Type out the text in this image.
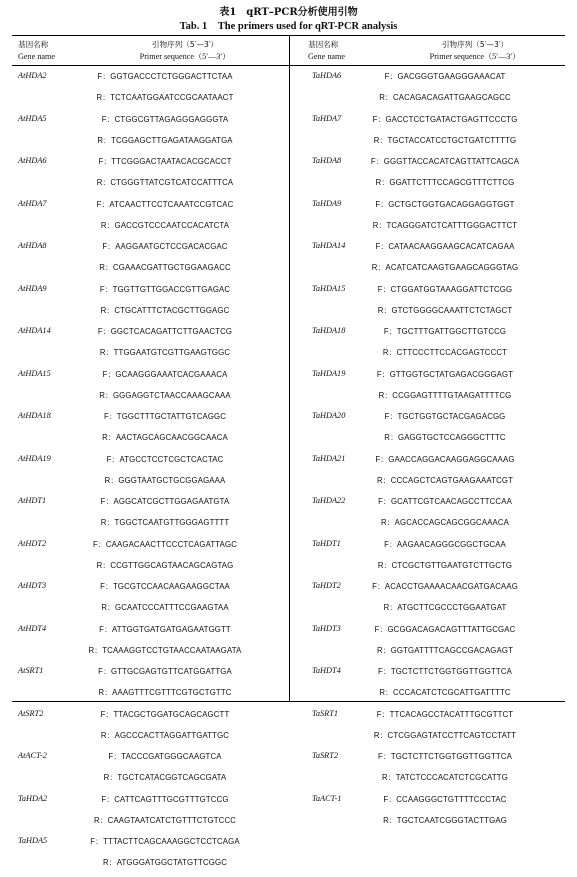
表1　qRT–PCR分析使用引物
Tab. 1　The primers used for qRT-PCR analysis
基因名称
Gene name
引物序列（5′—3′）
Primer sequence（5′—3′）
基因名称
Gene name
引物序列（5′—3′）
Primer sequence（5′—3′）
AtHDA2	F：GGTGACCCTCTGGGACTTCTAA
R：TCTCAATGGAATCCGCAATAACT
AtHDA5	F：CTGGCGTTAGAGGGAGGGTA
R：TCGGAGCTTGAGATAAGGATGA
AtHDA6	F：TTCGGGACTAATACACGCACCT
R：CTGGGTTATCGTCATCCATTTCA
AtHDA7	F：ATCAACTTCCTCAAATCCGTCAC
R：GACCGTCCCAATCCACATCTA
AtHDA8	F：AAGGAATGCTCCGACACGAC
R：CGAAACGATTGCTGGAAGACC
AtHDA9	F：TGGTTGTTGGACCGTTGAGAC
R：CTGCATTTCTACGCTTGGAGC
AtHDA14	F：GGCTCACAGATTCTTGAACTCG
R：TTGGAATGTCGTTGAAGTGGC
AtHDA15	F：GCAAGGGAAATCACGAAACA
R：GGGAGGTCTAACCAAAGCAAA
AtHDA18	F：TGGCTTTGCTATTGTCAGGC
R：AACTAGCAGCAACGGCAACA
AtHDA19	F：ATGCCTCCTCGCTCACTAC
R：GGGTAATGCTGCGGAGAAA
AtHDT1	F：AGGCATCGCTTGGAGAATGTA
R：TGGCTCAATGTTGGGAGTTTT
AtHDT2	F：CAAGACAACTTCCCTCAGATTAGC
R：CCGTTGGCAGTAACAGCAGTAG
AtHDT3	F：TGCGTCCAACAAGAAGGCTAA
R：GCAATCCCATTTCCGAAGTAA
AtHDT4	F：ATTGGTGATGATGAGAATGGTT
R：TCAAAGGTCCTGTAACCAATAAGATA
AtSRT1	F：GTTGCGAGTGTTCATGGATTGA
R：AAAGTTTCGTTTCGTGCTGTTC
AtSRT2	F：TTACGCTGGATGCAGCAGCTT
R：AGCCCACTTAGGATTGATTGC
AtACT-2	F：TACCCGATGGGCAAGTCA
R：TGCTCATACGGTCAGCGATA
TaHDA2	F：CATTCAGTTTGCGTTTGTCCG
R：CAAGTAATCATCTGTTTCTGTCCC
TaHDA5	F：TTTACTTCAGCAAAGGCTCCTCAGA
R：ATGGGATGGCTATGTTCGGC
TaHDA6	F：GACGGGTGAAGGGAAACAT
R：CACAGACAGATTGAAGCAGCC
TaHDA7	F：GACCTCCTGATACTGAGTTCCCTG
R：TGCTACCATCCTGCTGATCTTTTG
TaHDA8	F：GGGTTACCACATCAGTTATTCAGCA
R：GGATTCTTTCCAGCGTTTCTTCG
TaHDA9	F：GCTGCTGGTGACAGGAGGTGGT
R：TCAGGGATCTCATTTGGGACTTCT
TaHDA14	F：CATAACAAGGAAGCACATCAGAA
R：ACATCATCAAGTGAAGCAGGGTAG
TaHDA15	F：CTGGATGGTAAAGGATTCTCGG
R：GTCTGGGGCAAATTCTCTAGCT
TaHDA18	F：TGCTTTGATTGGCTTGTCCG
R：CTTCCCTTCCACGAGTCCCT
TaHDA19	F：GTTGGTGCTATGAGACGGGAGT
R：CCGGAGTTTTGTAAGATTTTCG
TaHDA20	F：TGCTGGTGCTACGAGACGG
R：GAGGTGCTCCAGGGCTTTC
TaHDA21	F：GAACCAGGACAAGGAGGCAAAG
R：CCCAGCTCAGTGAAGAAATCGT
TaHDA22	F：GCATTCGTCAACAGCCTTCCAA
R：AGCACCAGCAGCGGCAAACA
TaHDT1	F：AAGAACAGGGCGGCTGCAA
R：CTCGCTGTTGAATGTCTTGCTG
TaHDT2	F：ACACCTGAAAACAACGATGACAAG
R：ATGCTTCGCCCTGGAATGAT
TaHDT3	F：GCGGACAGACAGTTTATTGCGAC
R：GGTGATTTTCAGCCGACAGAGT
TaHDT4	F：TGCTCTTCTGGTGGTTGGTTCA
R：CCCACATCTCGCATTGATTTTC
TaSRT1	F：TTCACAGCCTACATTTGCGTTCT
R：CTCGGAGTATCCTTCAGTCCTATT
TaSRT2	F：TGCTCTTCTGGTGGTTGGTTCA
R：TATCTCCCACATCTCGCATTG
TaACT-1	F：CCAAGGGCTGTTTTCCCTAC
R：TGCTCAATCGGGTACTTGAG
